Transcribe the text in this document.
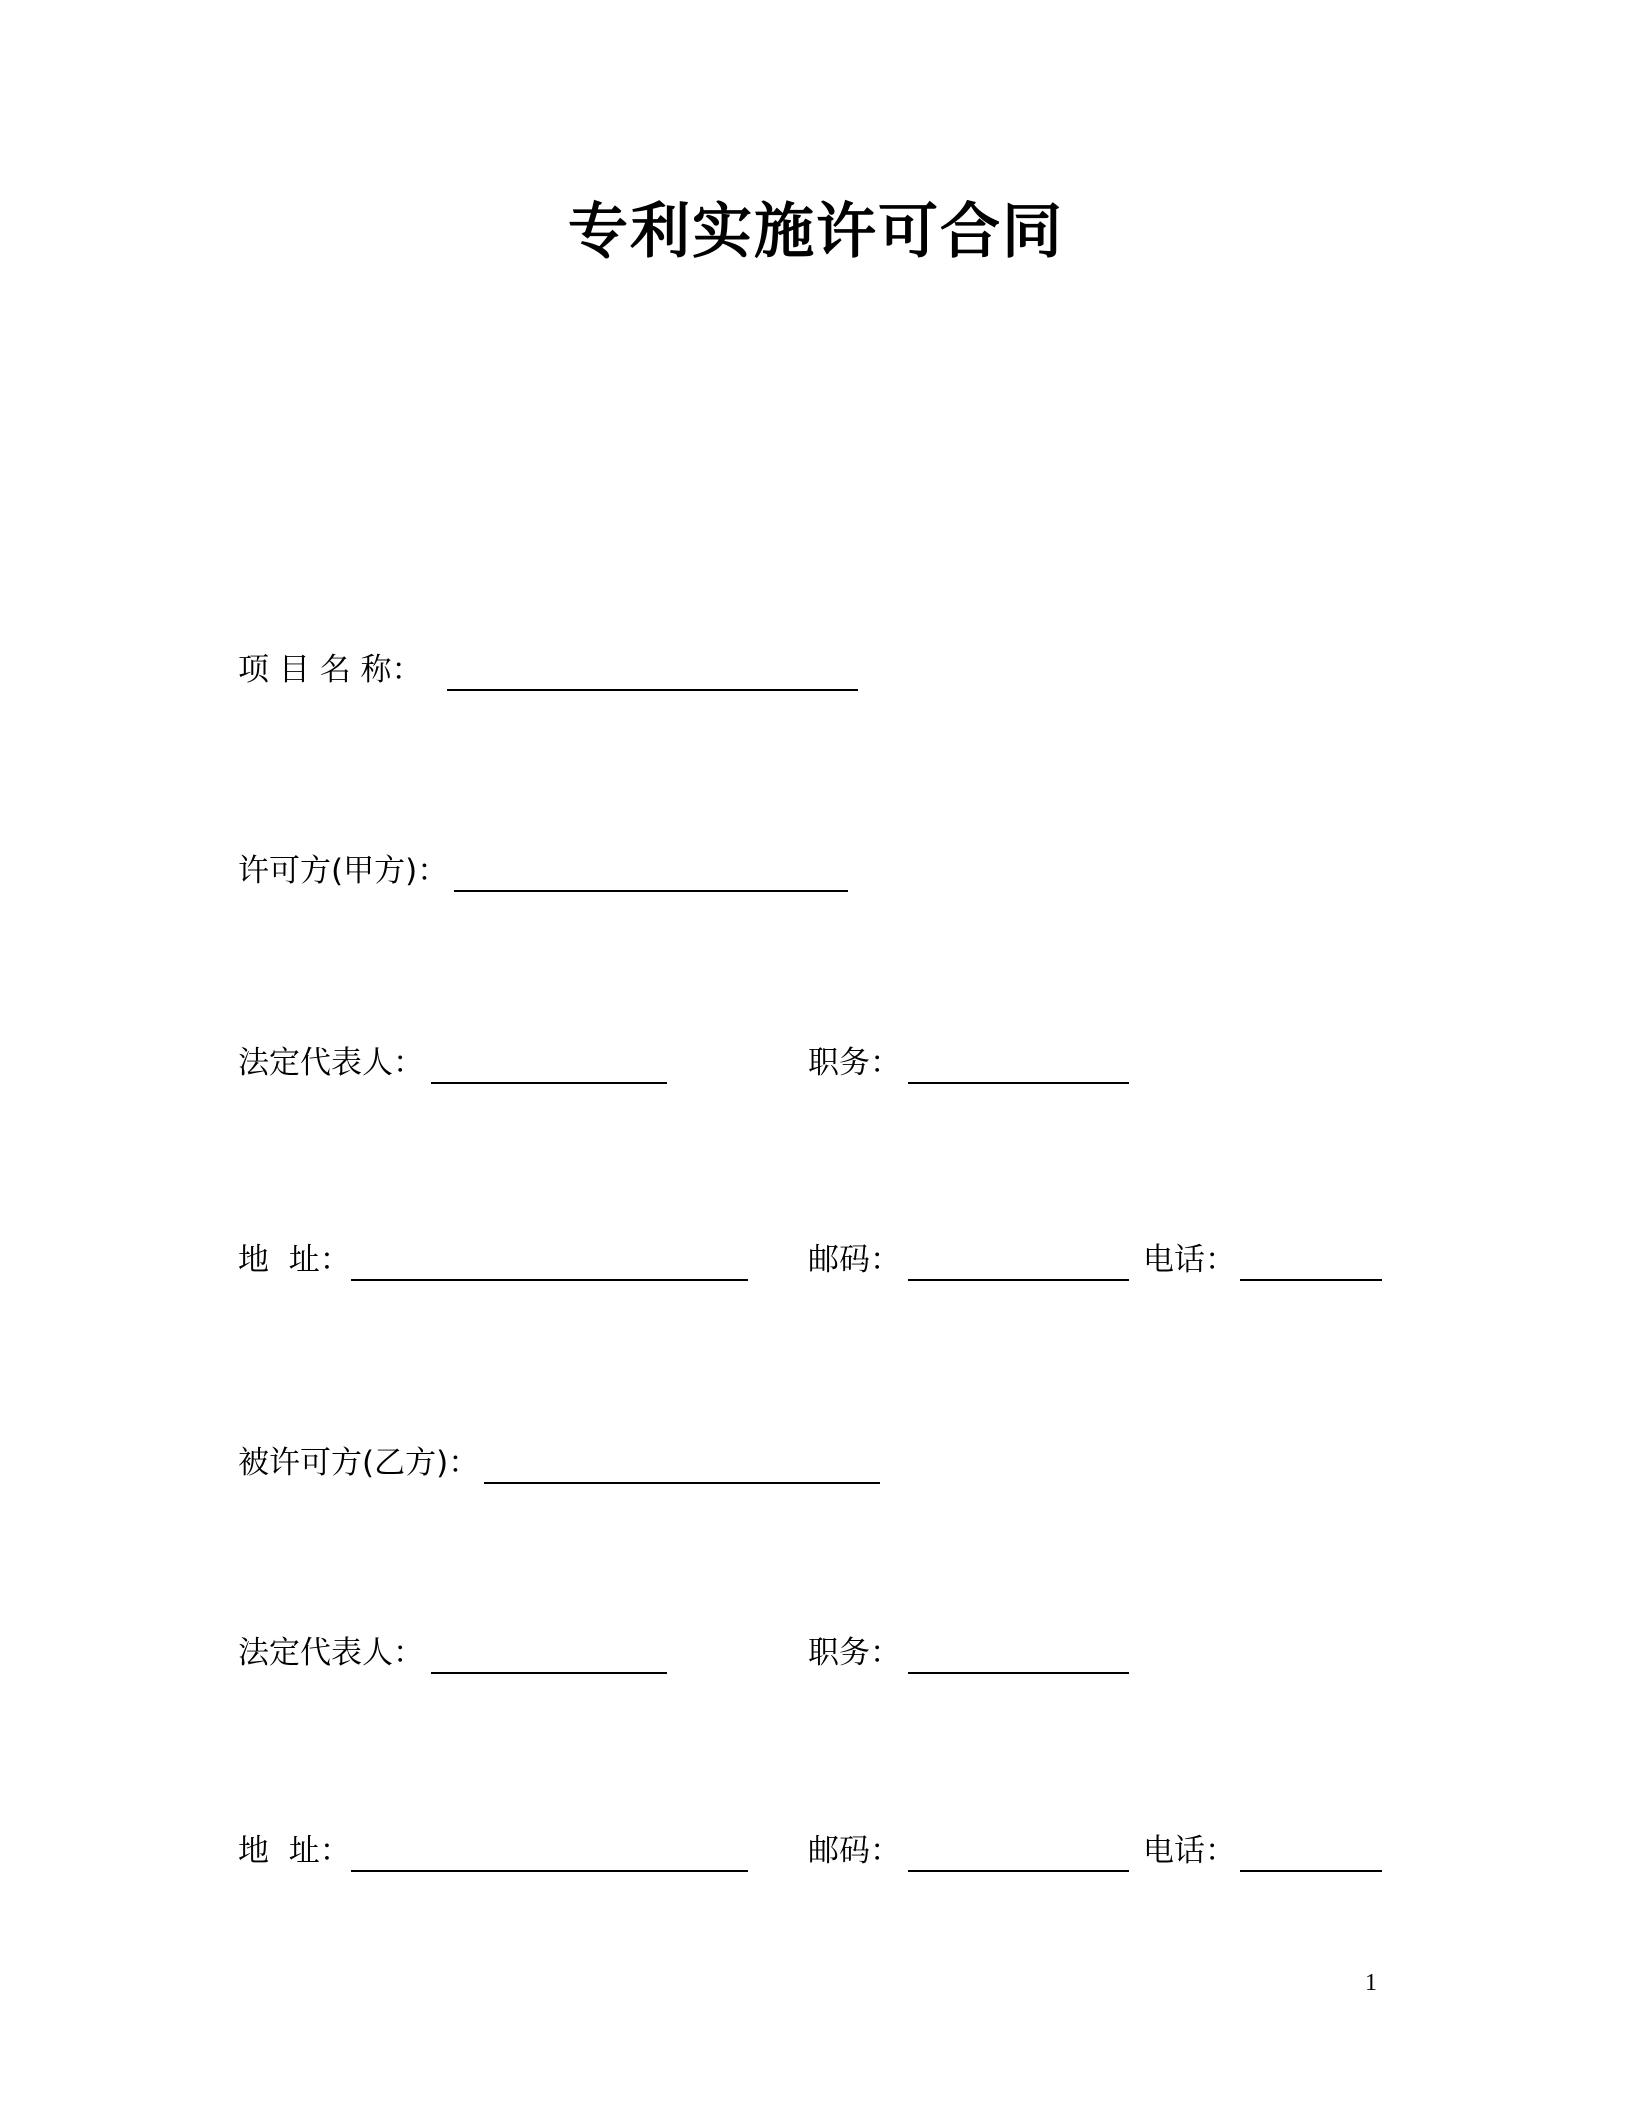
专利实施许可合同
项 目 名 称：
许可方(甲方)：
法定代表人：	职务：
地  址：	邮码：	电话：
被许可方(乙方)：
法定代表人：	职务：
地  址：	邮码：	电话：
1
